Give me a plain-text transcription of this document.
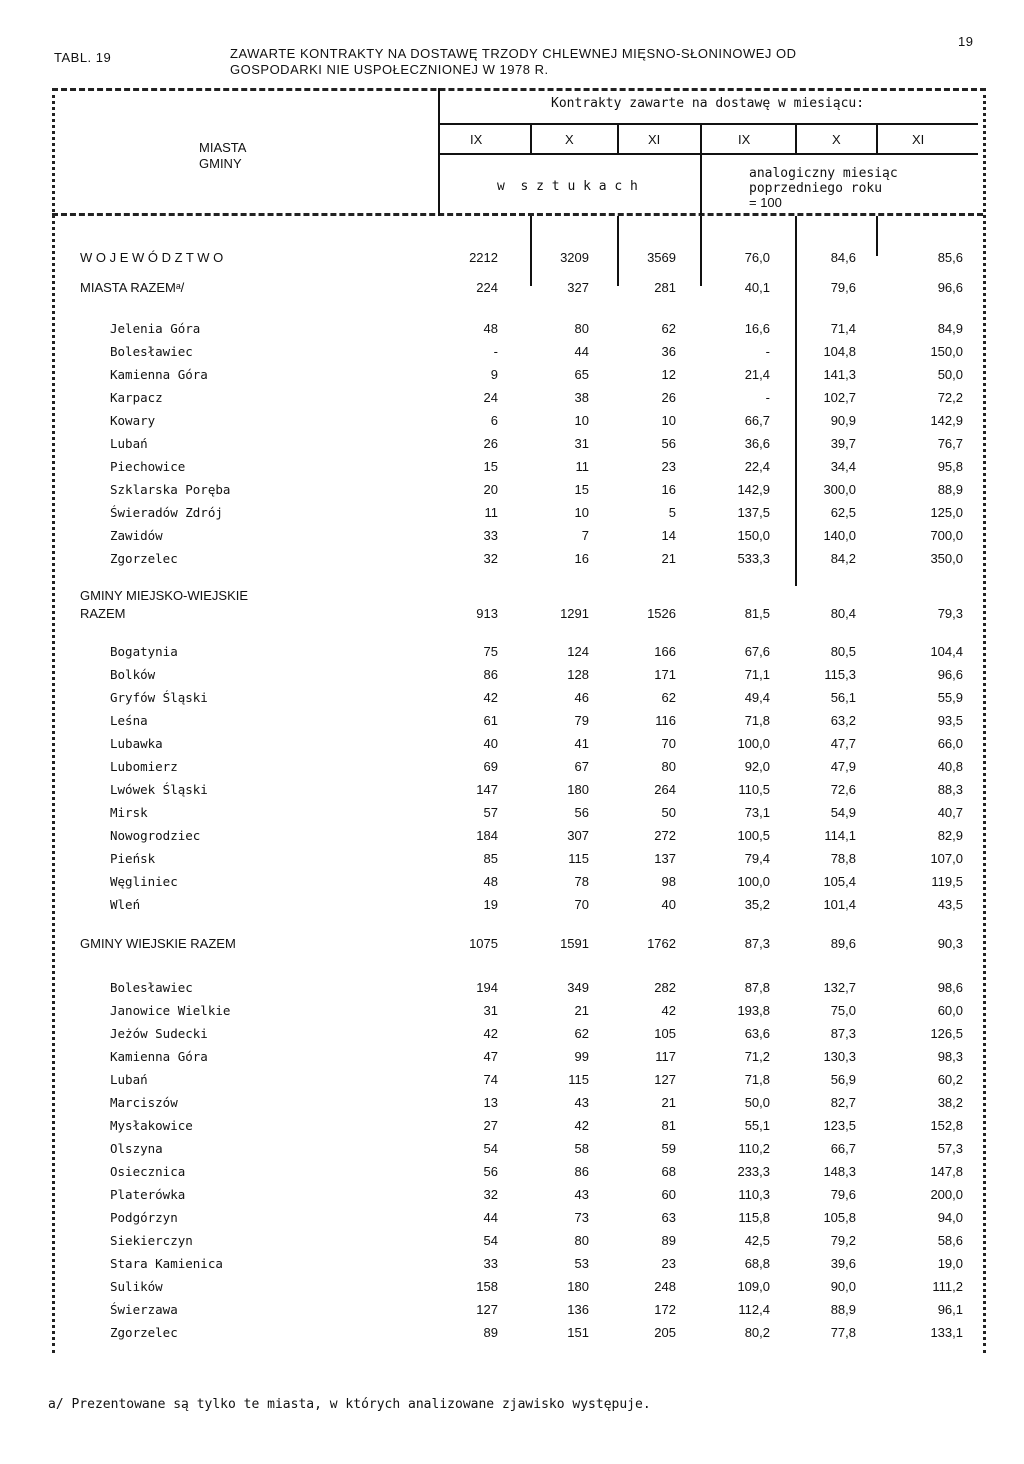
19
TABL. 19	ZAWARTE KONTRAKTY NA DOSTAWĘ TRZODY CHLEWNEJ MIĘSNO-SŁONINOWEJ OD
GOSPODARKI NIE USPOŁECZNIONEJ W 1978 R.
MIASTA
GMINY
Kontrakty zawarte na dostawę w miesiącu:
IX	X	XI	IX	X	XI
w  s z t u k a c h
analogiczny miesiąc
poprzedniego roku
= 100
W O J E W Ó D Z T W O	2212	3209	3569	76,0	84,6	85,6
MIASTA RAZEMᵃ/	224	327	281	40,1	79,6	96,6
Jelenia Góra	48	80	62	16,6	71,4	84,9
Bolesławiec	-	44	36	-	104,8	150,0
Kamienna Góra	9	65	12	21,4	141,3	50,0
Karpacz	24	38	26	-	102,7	72,2
Kowary	6	10	10	66,7	90,9	142,9
Lubań	26	31	56	36,6	39,7	76,7
Piechowice	15	11	23	22,4	34,4	95,8
Szklarska Poręba	20	15	16	142,9	300,0	88,9
Świeradów Zdrój	11	10	5	137,5	62,5	125,0
Zawidów	33	7	14	150,0	140,0	700,0
Zgorzelec	32	16	21	533,3	84,2	350,0
GMINY MIEJSKO-WIEJSKIE
RAZEM	913	1291	1526	81,5	80,4	79,3
Bogatynia	75	124	166	67,6	80,5	104,4
Bolków	86	128	171	71,1	115,3	96,6
Gryfów Śląski	42	46	62	49,4	56,1	55,9
Leśna	61	79	116	71,8	63,2	93,5
Lubawka	40	41	70	100,0	47,7	66,0
Lubomierz	69	67	80	92,0	47,9	40,8
Lwówek Śląski	147	180	264	110,5	72,6	88,3
Mirsk	57	56	50	73,1	54,9	40,7
Nowogrodziec	184	307	272	100,5	114,1	82,9
Pieńsk	85	115	137	79,4	78,8	107,0
Węgliniec	48	78	98	100,0	105,4	119,5
Wleń	19	70	40	35,2	101,4	43,5
GMINY WIEJSKIE RAZEM	1075	1591	1762	87,3	89,6	90,3
Bolesławiec	194	349	282	87,8	132,7	98,6
Janowice Wielkie	31	21	42	193,8	75,0	60,0
Jeżów Sudecki	42	62	105	63,6	87,3	126,5
Kamienna Góra	47	99	117	71,2	130,3	98,3
Lubań	74	115	127	71,8	56,9	60,2
Marciszów	13	43	21	50,0	82,7	38,2
Mysłakowice	27	42	81	55,1	123,5	152,8
Olszyna	54	58	59	110,2	66,7	57,3
Osiecznica	56	86	68	233,3	148,3	147,8
Platerówka	32	43	60	110,3	79,6	200,0
Podgórzyn	44	73	63	115,8	105,8	94,0
Siekierczyn	54	80	89	42,5	79,2	58,6
Stara Kamienica	33	53	23	68,8	39,6	19,0
Sulików	158	180	248	109,0	90,0	111,2
Świerzawa	127	136	172	112,4	88,9	96,1
Zgorzelec	89	151	205	80,2	77,8	133,1
a/ Prezentowane są tylko te miasta, w których analizowane zjawisko występuje.
